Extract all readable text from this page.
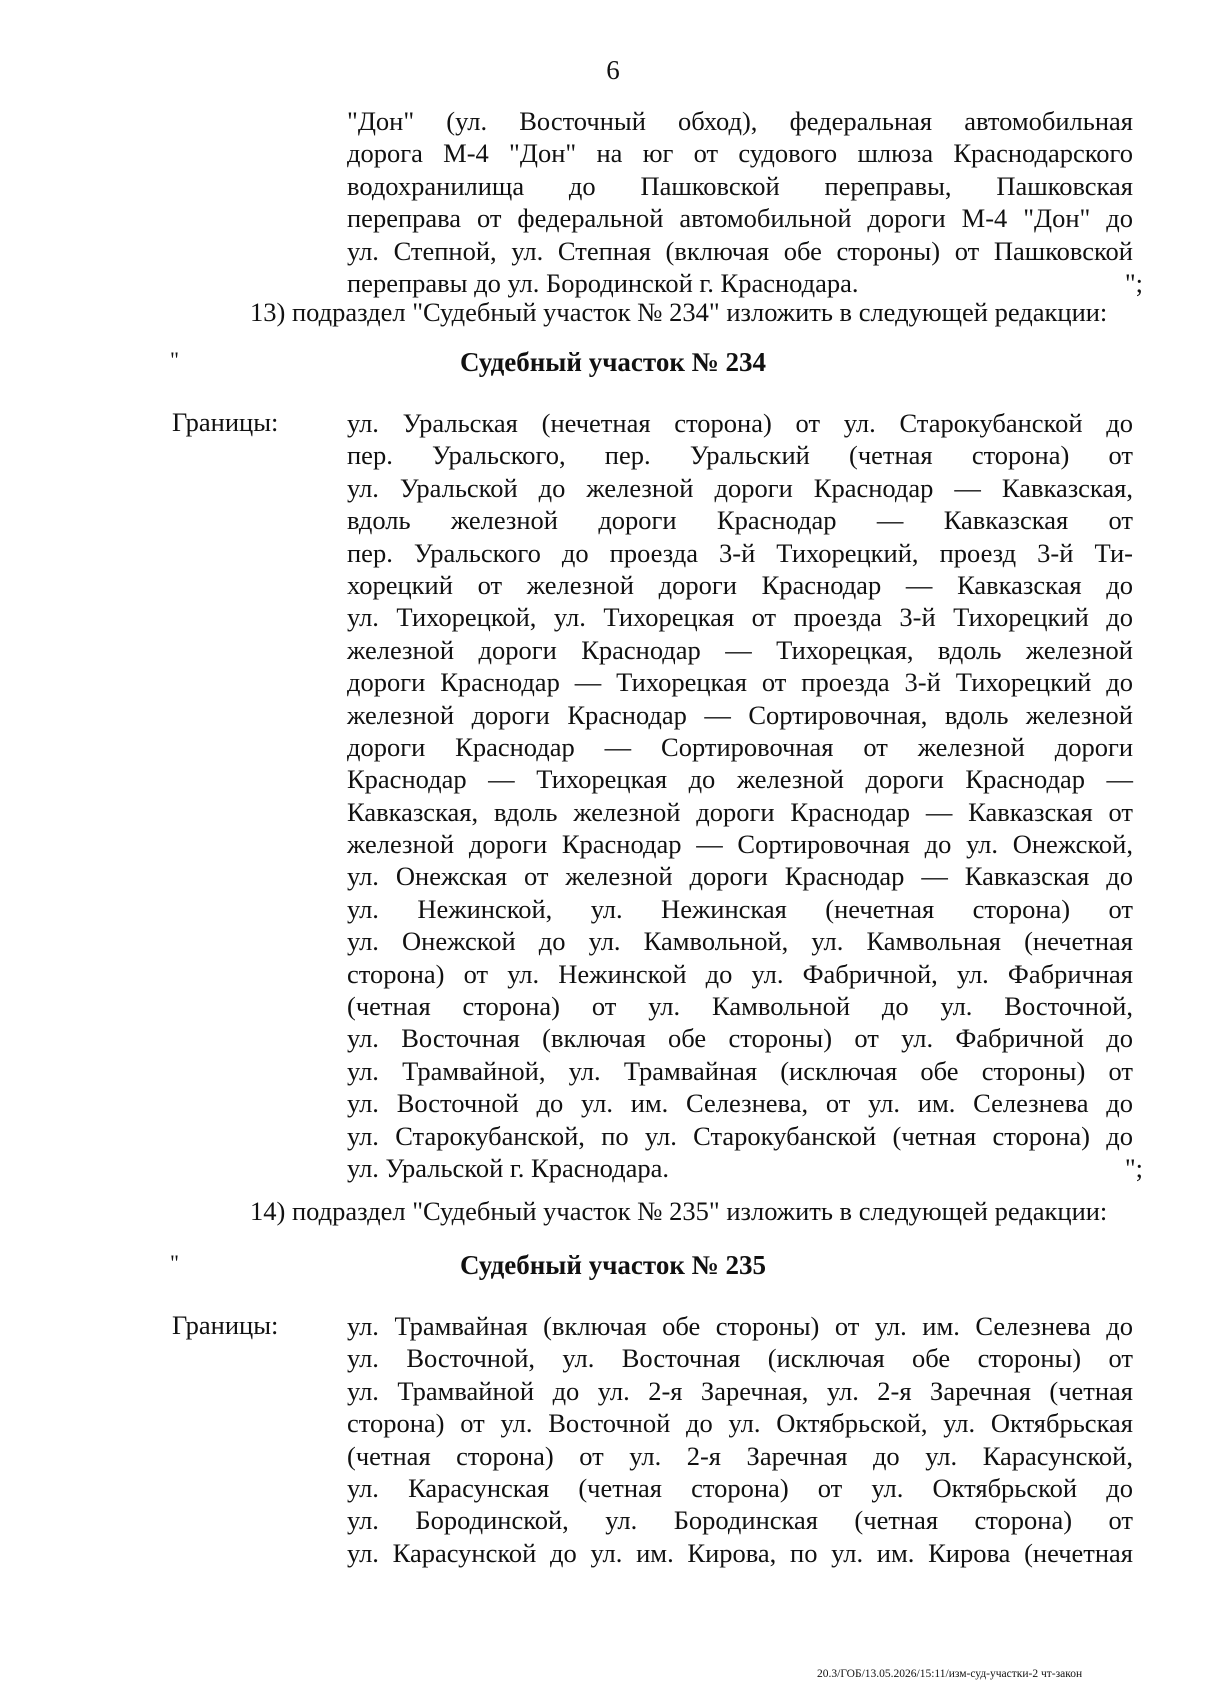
6
"Дон" (ул. Восточный обход), федеральная автомобильная
дорога М-4 "Дон" на юг от судового шлюза Краснодарского
водохранилища до Пашковской переправы, Пашковская
переправа от федеральной автомобильной дороги М-4 "Дон" до
ул. Степной, ул. Степная (включая обе стороны) от Пашковской
переправы до ул. Бородинской г. Краснодара.	";
13) подраздел "Судебный участок № 234" изложить в следующей редакции:
"	Судебный участок № 234
Границы:	ул. Уральская (нечетная сторона) от ул. Старокубанской до
пер. Уральского, пер. Уральский (четная сторона) от
ул. Уральской до железной дороги Краснодар — Кавказская,
вдоль железной дороги Краснодар — Кавказская от
пер. Уральского до проезда 3-й Тихорецкий, проезд 3-й Ти-
хорецкий от железной дороги Краснодар — Кавказская до
ул. Тихорецкой, ул. Тихорецкая от проезда 3-й Тихорецкий до
железной дороги Краснодар — Тихорецкая, вдоль железной
дороги Краснодар — Тихорецкая от проезда 3-й Тихорецкий до
железной дороги Краснодар — Сортировочная, вдоль железной
дороги Краснодар — Сортировочная от железной дороги
Краснодар — Тихорецкая до железной дороги Краснодар —
Кавказская, вдоль железной дороги Краснодар — Кавказская от
железной дороги Краснодар — Сортировочная до ул. Онежской,
ул. Онежская от железной дороги Краснодар — Кавказская до
ул. Нежинской, ул. Нежинская (нечетная сторона) от
ул. Онежской до ул. Камвольной, ул. Камвольная (нечетная
сторона) от ул. Нежинской до ул. Фабричной, ул. Фабричная
(четная сторона) от ул. Камвольной до ул. Восточной,
ул. Восточная (включая обе стороны) от ул. Фабричной до
ул. Трамвайной, ул. Трамвайная (исключая обе стороны) от
ул. Восточной до ул. им. Селезнева, от ул. им. Селезнева до
ул. Старокубанской, по ул. Старокубанской (четная сторона) до
ул. Уральской г. Краснодара.	";
14) подраздел "Судебный участок № 235" изложить в следующей редакции:
"	Судебный участок № 235
Границы:	ул. Трамвайная (включая обе стороны) от ул. им. Селезнева до
ул. Восточной, ул. Восточная (исключая обе стороны) от
ул. Трамвайной до ул. 2-я Заречная, ул. 2-я Заречная (четная
сторона) от ул. Восточной до ул. Октябрьской, ул. Октябрьская
(четная сторона) от ул. 2-я Заречная до ул. Карасунской,
ул. Карасунская (четная сторона) от ул. Октябрьской до
ул. Бородинской, ул. Бородинская (четная сторона) от
ул. Карасунской до ул. им. Кирова, по ул. им. Кирова (нечетная
20.3/ГОБ/13.05.2026/15:11/изм-суд-участки-2 чт-закон
